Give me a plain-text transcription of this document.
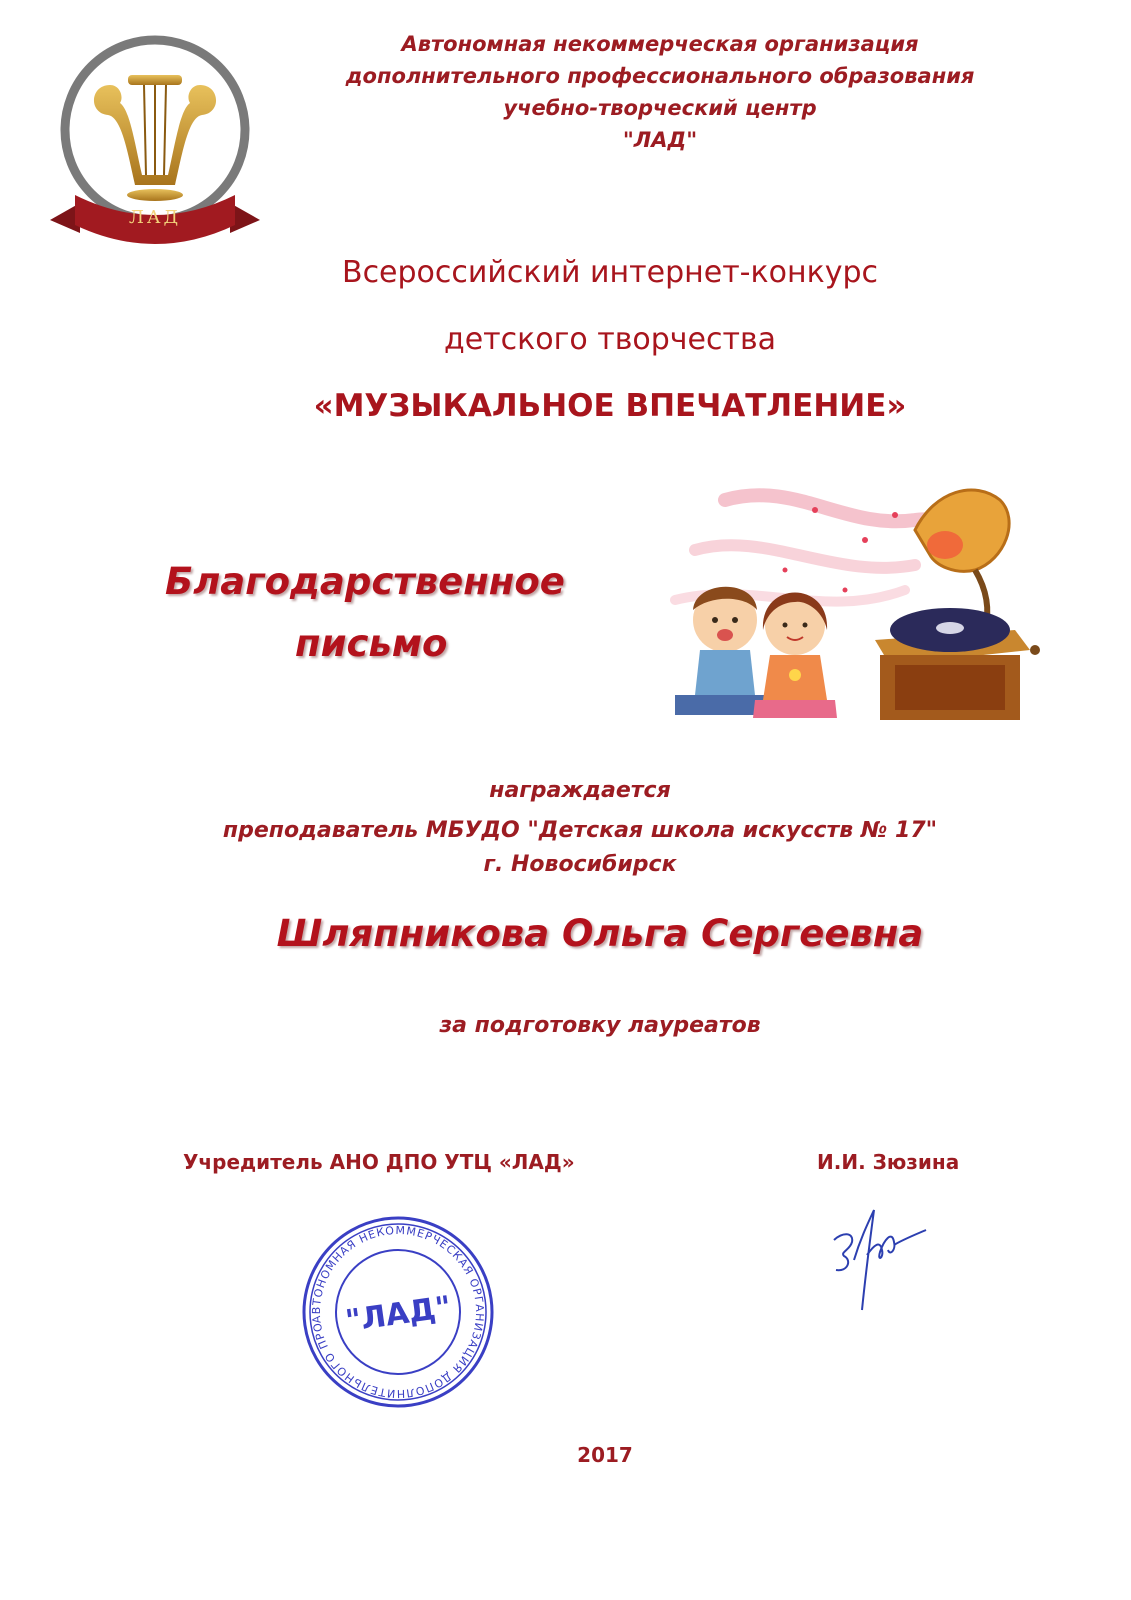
ЛАД
Автономная некоммерческая организация
дополнительного профессионального образования
учебно-творческий центр
"ЛАД"
Всероссийский интернет-конкурс
детского творчества
«МУЗЫКАЛЬНОЕ ВПЕЧАТЛЕНИЕ»
Благодарственное
письмо
награждается
преподаватель МБУДО "Детская школа искусств № 17"
г. Новосибирск
Шляпникова Ольга Сергеевна
за подготовку лауреатов
Учредитель АНО ДПО УТЦ «ЛАД»	И.И. Зюзина
АВТОНОМНАЯ НЕКОММЕРЧЕСКАЯ ОРГАНИЗАЦИЯ ДОПОЛНИТЕЛЬНОГО ПРОФЕССИОНАЛЬНОГО
"ЛАД"
2017
